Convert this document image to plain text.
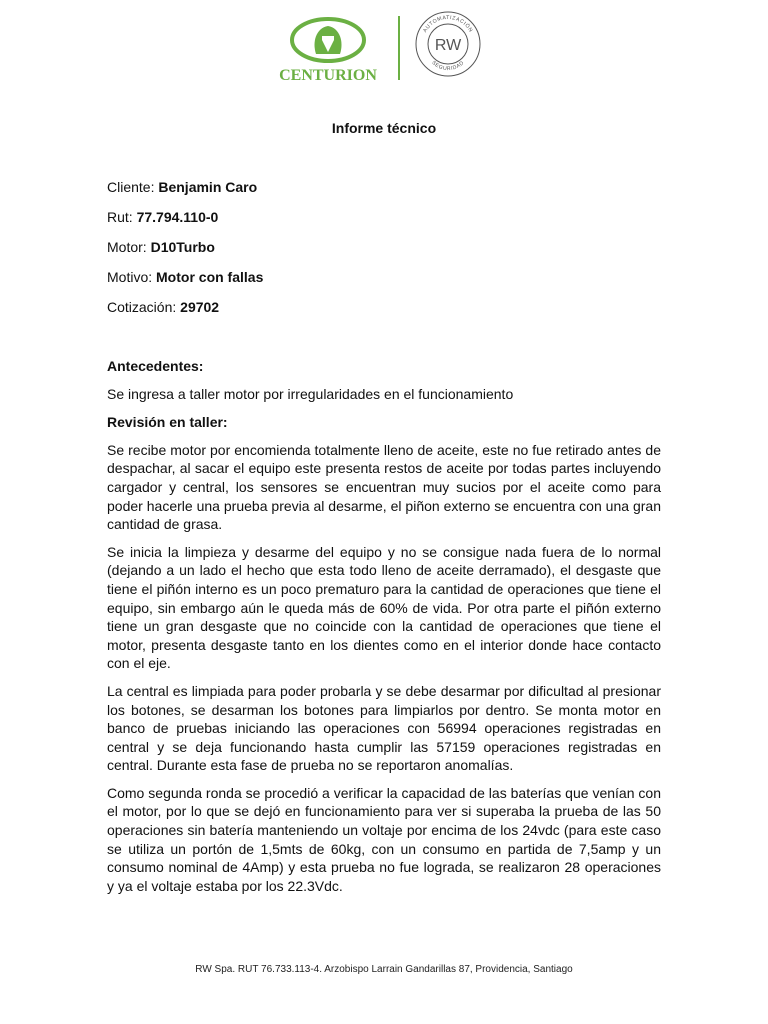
CENTURION
RW
AUTOMATIZACIÓN
SEGURIDAD
Informe técnico
Cliente: Benjamin Caro
Rut: 77.794.110-0
Motor: D10Turbo
Motivo: Motor con fallas
Cotización: 29702
Antecedentes:
Se ingresa a taller motor por irregularidades en el funcionamiento
Revisión en taller:
Se recibe motor por encomienda totalmente lleno de aceite, este no fue retirado antes de despachar, al sacar el equipo este presenta restos de aceite por todas partes incluyendo cargador y central, los sensores se encuentran muy sucios por el aceite como para poder hacerle una prueba previa al desarme, el piñon externo se encuentra con una gran cantidad de grasa.
Se inicia la limpieza y desarme del equipo y no se consigue nada fuera de lo normal (dejando a un lado el hecho que esta todo lleno de aceite derramado), el desgaste que tiene el piñón interno es un poco prematuro para la cantidad de operaciones que tiene el equipo, sin embargo aún le queda más de 60% de vida. Por otra parte el piñón externo tiene un gran desgaste que no coincide con la cantidad de operaciones que tiene el motor, presenta desgaste tanto en los dientes como en el interior donde hace contacto con el eje.
La central es limpiada para poder probarla y se debe desarmar por dificultad al presionar los botones, se desarman los botones para limpiarlos por dentro. Se monta motor en banco de pruebas iniciando las operaciones con 56994 operaciones registradas en central y se deja funcionando hasta cumplir las 57159 operaciones registradas en central. Durante esta fase de prueba no se reportaron anomalías.
Como segunda ronda se procedió a verificar la capacidad de las baterías que venían con el motor, por lo que se dejó en funcionamiento para ver si superaba la prueba de las 50 operaciones sin batería manteniendo un voltaje por encima de los 24vdc (para este caso se utiliza un portón de 1,5mts de 60kg, con un consumo en partida de 7,5amp y un consumo nominal de 4Amp) y esta prueba no fue lograda, se realizaron 28 operaciones y ya el voltaje estaba por los 22.3Vdc.
RW Spa. RUT 76.733.113-4. Arzobispo Larrain Gandarillas 87, Providencia, Santiago
